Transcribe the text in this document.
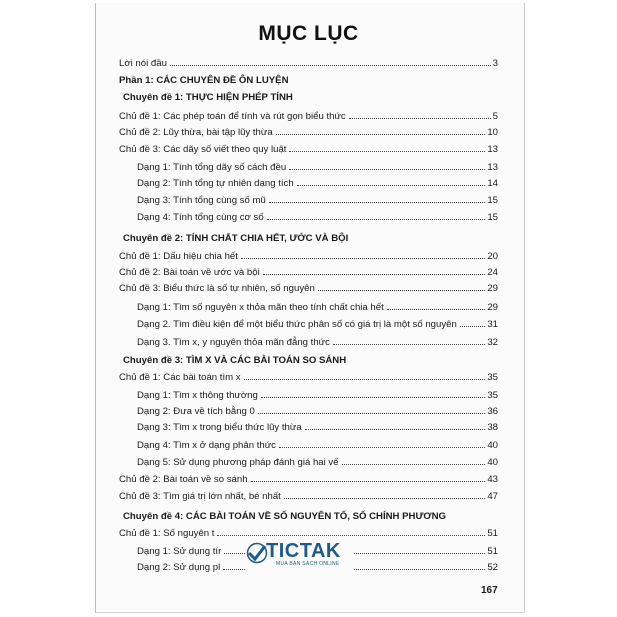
MỤC LỤC
Lời nói đầu	3
Phần 1: CÁC CHUYÊN ĐỀ ÔN LUYỆN
Chuyên đề 1: THỰC HIỆN PHÉP TÍNH
Chủ đề 1: Các phép toán để tính và rút gọn biểu thức	5
Chủ đề 2: Lũy thừa, bài tập lũy thừa	10
Chủ đề 3: Các dãy số viết theo quy luật	13
Dạng 1: Tính tổng dãy số cách đều	13
Dạng 2: Tính tổng tự nhiên dạng tích	14
Dạng 3: Tính tổng cùng số mũ	15
Dạng 4: Tính tổng cùng cơ số	15
Chuyên đề 2: TÍNH CHẤT CHIA HẾT, ƯỚC VÀ BỘI
Chủ đề 1: Dấu hiệu chia hết	20
Chủ đề 2: Bài toán về ước và bội	24
Chủ đề 3: Biểu thức là số tự nhiên, số nguyên	29
Dạng 1: Tìm số nguyên x thỏa mãn theo tính chất chia hết	29
Dạng 2. Tìm điều kiện để một biểu thức phân số có giá trị là một số nguyên	31
Dạng 3. Tìm x, y nguyên thỏa mãn đẳng thức	32
Chuyên đề 3: TÌM X VÀ CÁC BÀI TOÁN SO SÁNH
Chủ đề 1: Các bài toán tìm x	35
Dạng 1: Tìm x thông thường	35
Dạng 2: Đưa về tích bằng 0	36
Dạng 3: Tìm x trong biểu thức lũy thừa	38
Dạng 4: Tìm x ở dạng phân thức	40
Dạng 5: Sử dụng phương pháp đánh giá hai vế	40
Chủ đề 2: Bài toán về so sánh	43
Chủ đề 3: Tìm giá trị lớn nhất, bé nhất	47
Chuyên đề 4: CÁC BÀI TOÁN VỀ SỐ NGUYÊN TỐ, SỐ CHÍNH PHƯƠNG
Chủ đề 1: Số nguyên t	51
Dạng 1: Sử dụng tír	51
Dạng 2: Sử dụng pl	52
TICTAK
MUA BÁN SÁCH ONLINE
167
